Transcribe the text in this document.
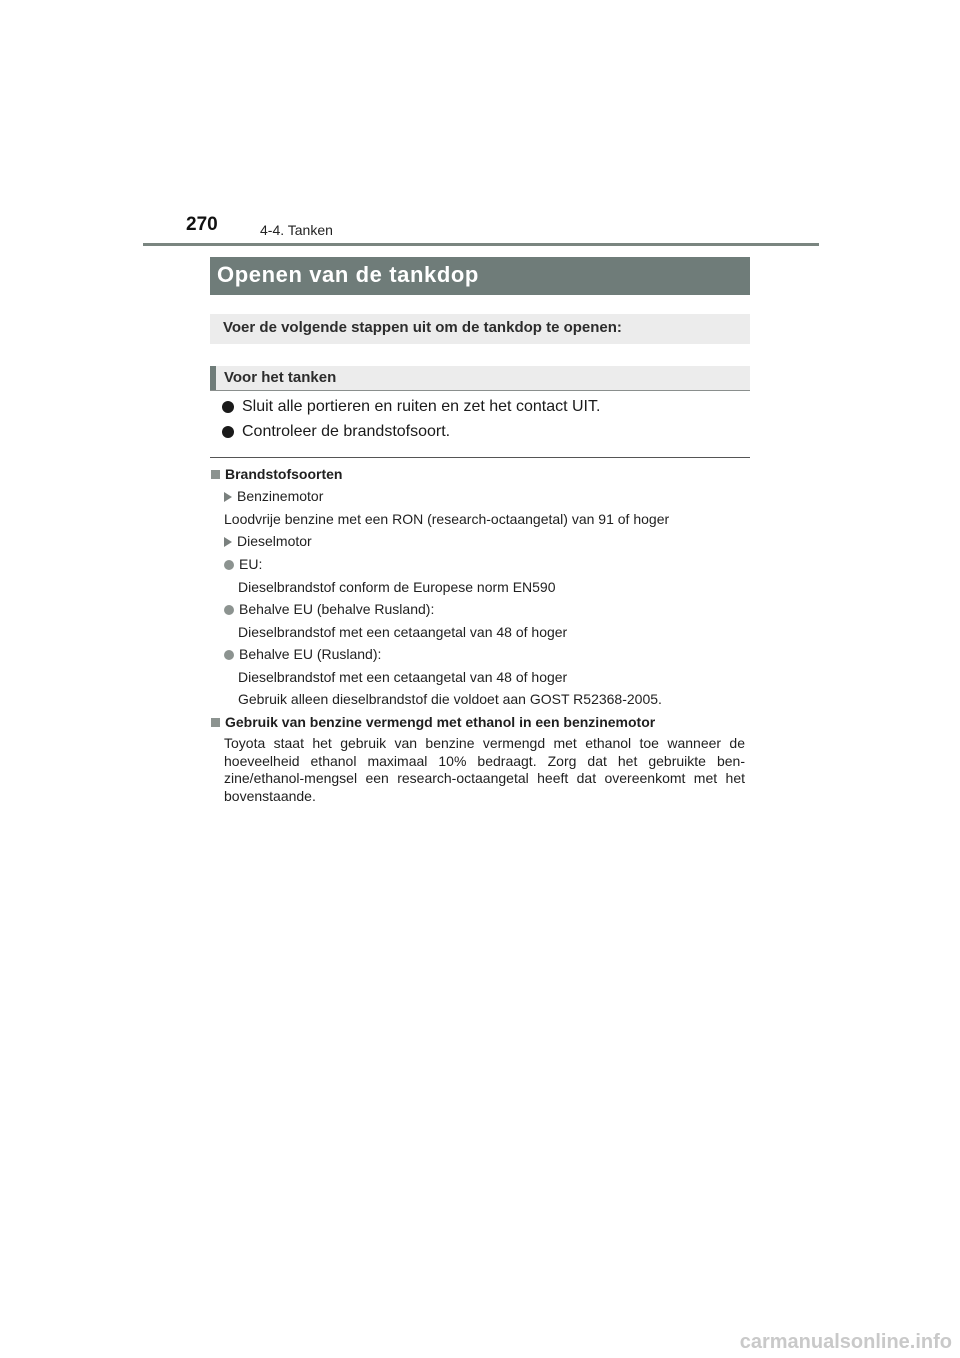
270	4-4. Tanken
Openen van de tankdop
Voer de volgende stappen uit om de tankdop te openen:
Voor het tanken
Sluit alle portieren en ruiten en zet het contact UIT.
Controleer de brandstofsoort.
Brandstofsoorten
Benzinemotor
Loodvrije benzine met een RON (research-octaangetal) van 91 of hoger
Dieselmotor
EU:
Dieselbrandstof conform de Europese norm EN590
Behalve EU (behalve Rusland):
Dieselbrandstof met een cetaangetal van 48 of hoger
Behalve EU (Rusland):
Dieselbrandstof met een cetaangetal van 48 of hoger
Gebruik alleen dieselbrandstof die voldoet aan GOST R52368-2005.
Gebruik van benzine vermengd met ethanol in een benzinemotor
Toyota staat het gebruik van benzine vermengd met ethanol toe wanneer de hoeveelheid ethanol maximaal 10% bedraagt. Zorg dat het gebruikte ben- zine/ethanol-mengsel een research-octaangetal heeft dat overeenkomt met het bovenstaande.
carmanualsonline.info
